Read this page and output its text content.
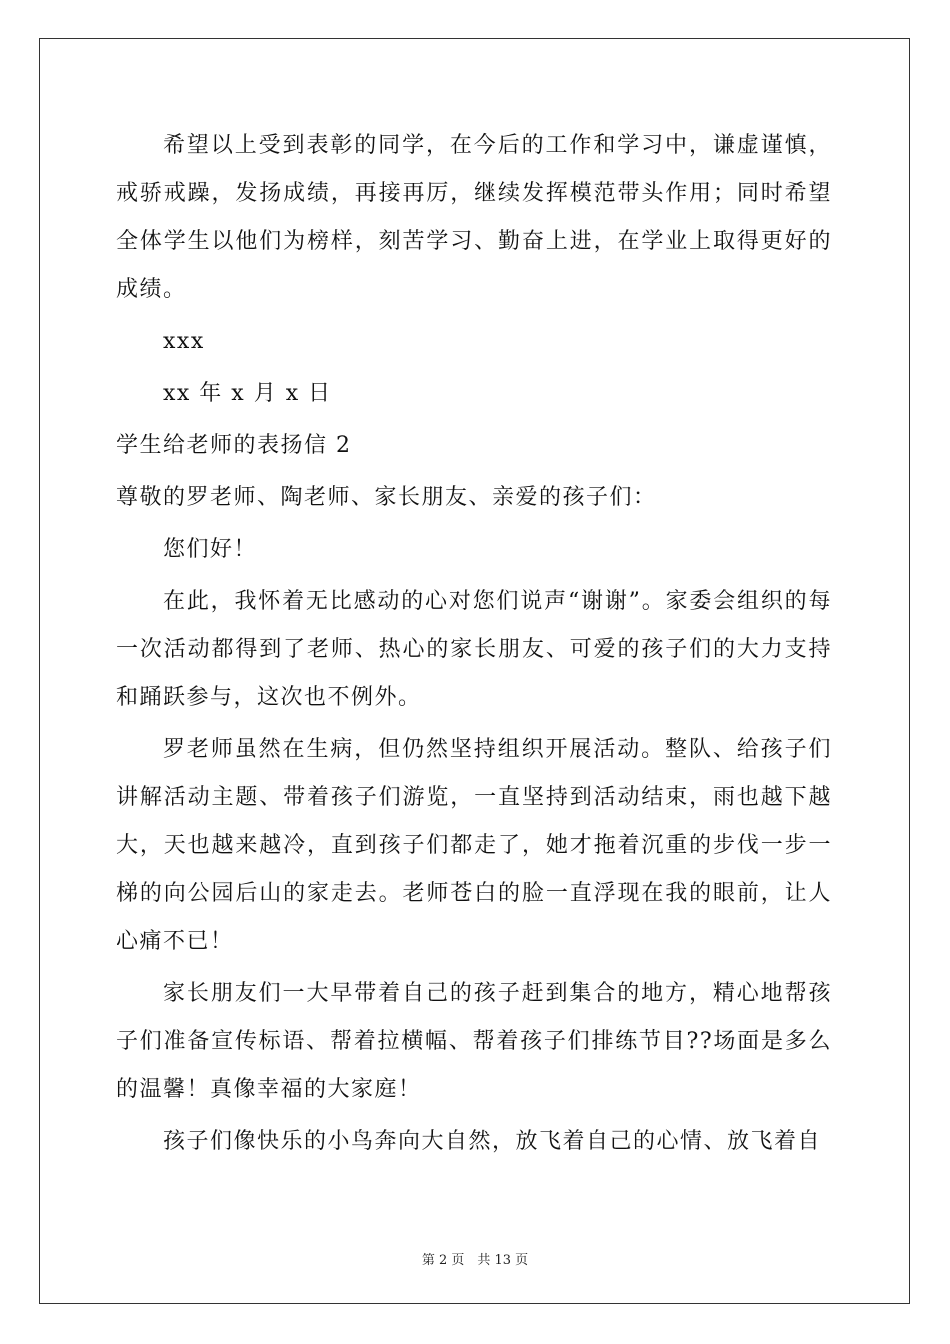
希望以上受到表彰的同学，在今后的工作和学习中，谦虚谨慎，戒骄戒躁，发扬成绩，再接再厉，继续发挥模范带头作用；同时希望全体学生以他们为榜样，刻苦学习、勤奋上进，在学业上取得更好的成绩。

xxx

xx 年 x 月 x 日

学生给老师的表扬信 2

尊敬的罗老师、陶老师、家长朋友、亲爱的孩子们：

您们好！

在此，我怀着无比感动的心对您们说声“谢谢”。家委会组织的每一次活动都得到了老师、热心的家长朋友、可爱的孩子们的大力支持和踊跃参与，这次也不例外。

罗老师虽然在生病，但仍然坚持组织开展活动。整队、给孩子们讲解活动主题、带着孩子们游览，一直坚持到活动结束，雨也越下越大，天也越来越冷，直到孩子们都走了，她才拖着沉重的步伐一步一梯的向公园后山的家走去。老师苍白的脸一直浮现在我的眼前，让人心痛不已！

家长朋友们一大早带着自己的孩子赶到集合的地方，精心地帮孩子们准备宣传标语、帮着拉横幅、帮着孩子们排练节目??场面是多么的温馨！真像幸福的大家庭！

孩子们像快乐的小鸟奔向大自然，放飞着自己的心情、放飞着自

第 2 页　共 13 页
